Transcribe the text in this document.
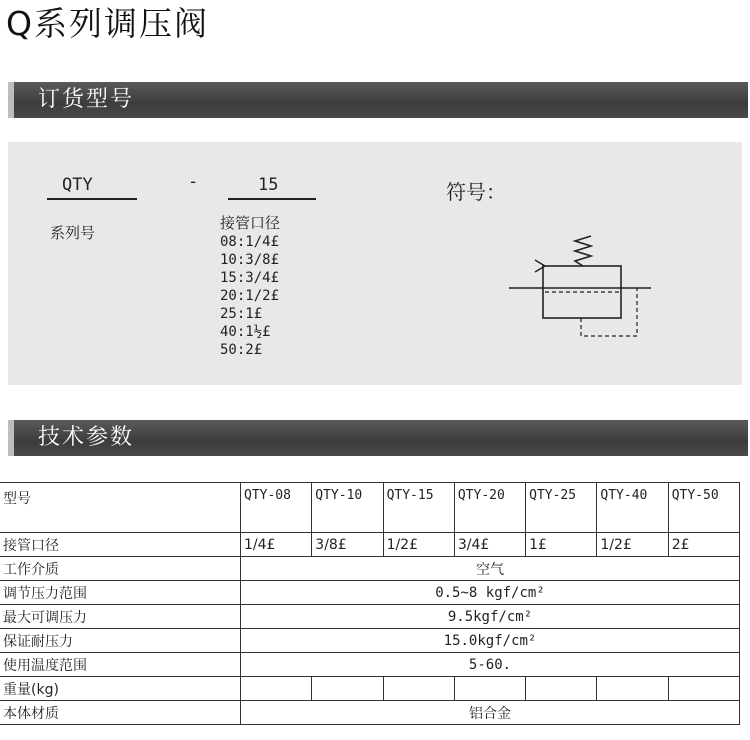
Q系列调压阀
订货型号
QTY	-	15
系列号
接管口径
08:1/4£
10:3/8£
15:3/4£
20:1/2£
25:1£
40:1½£
50:2£
符号：
技术参数
型号	QTY-08	QTY-10	QTY-15	QTY-20	QTY-25	QTY-40	QTY-50
接管口径	1/4£	3/8£	1/2£	3/4£	1£	1/2£	2£
工作介质	空气						
调节压力范围	0.5~8 kgf/cm²						
最大可调压力	9.5kgf/cm²						
保证耐压力	15.0kgf/cm²						
使用温度范围	5-60.						
重量(kg)							
本体材质	铝合金						
